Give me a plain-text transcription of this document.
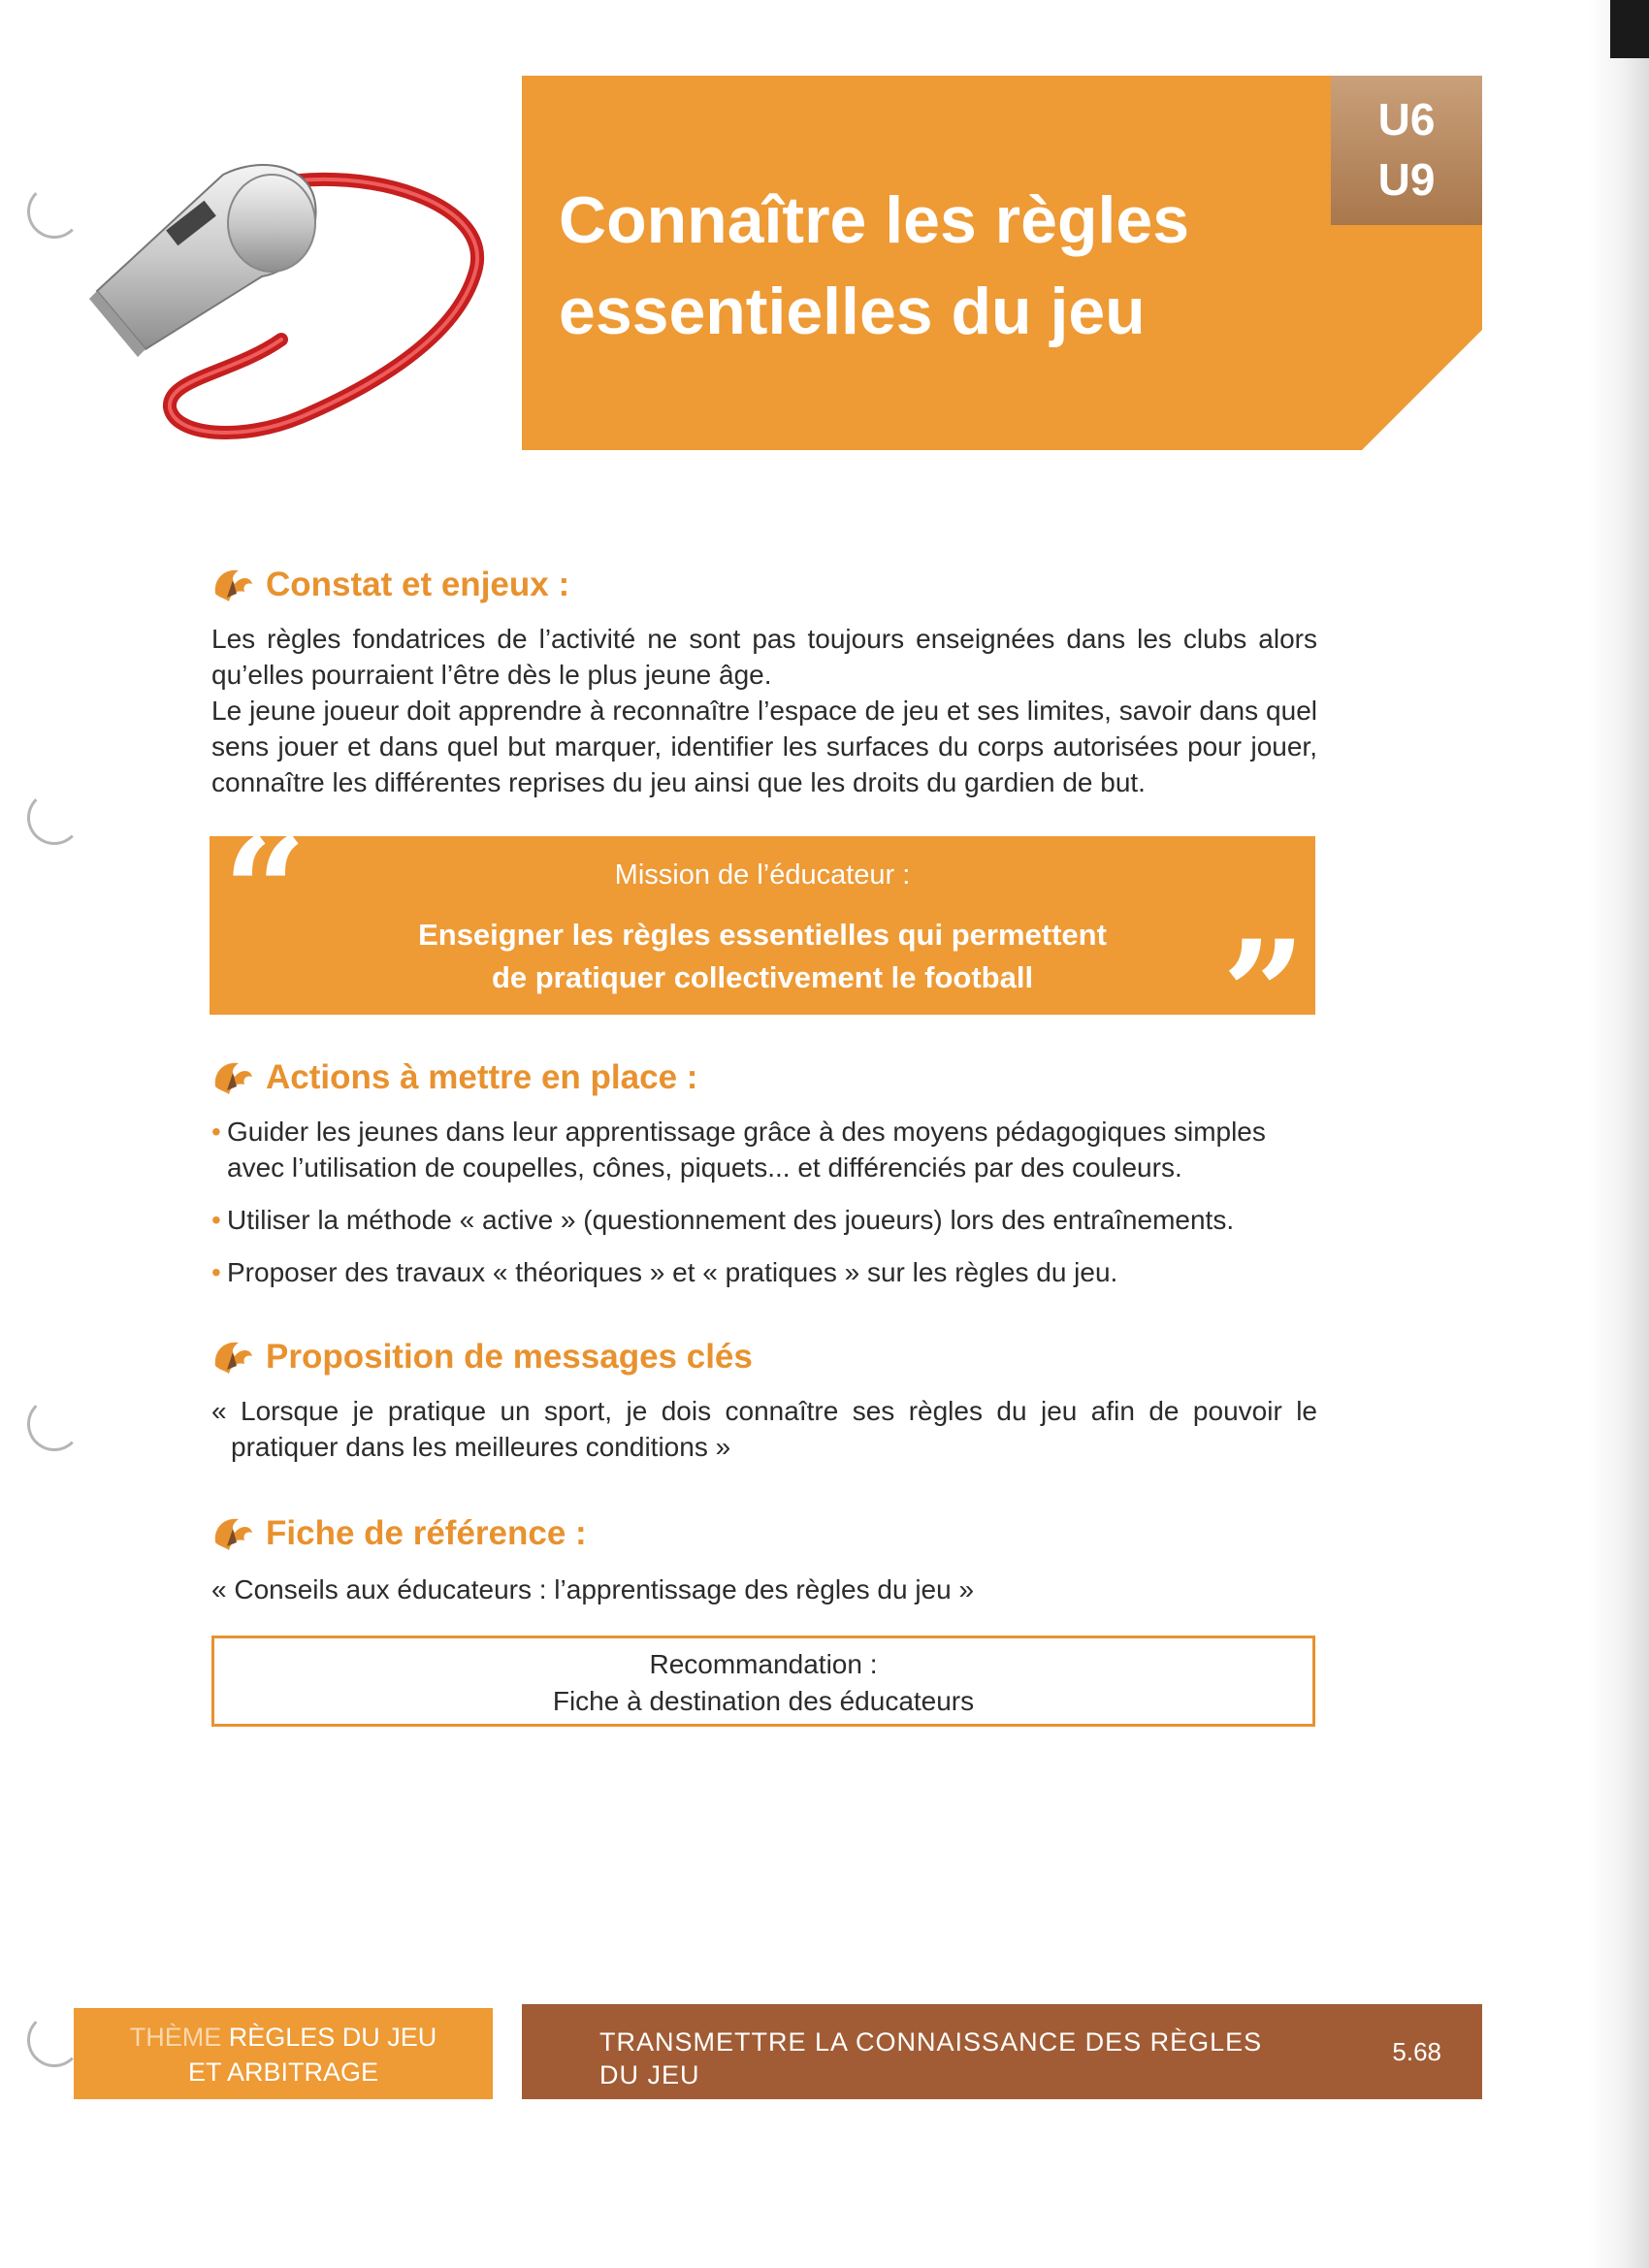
Connaître les règles
essentielles du jeu
U6
U9
Constat et enjeux :

Les règles fondatrices de l’activité ne sont pas toujours enseignées dans les clubs alors qu’elles pourraient l’être dès le plus jeune âge.

Le jeune joueur doit apprendre à reconnaître l’espace de jeu et ses limites, savoir dans quel sens jouer et dans quel but marquer, identifier les surfaces du corps autorisées pour jouer, connaître les différentes reprises du jeu ainsi que les droits du gardien de but.

“	Mission de l’éducateur :
Enseigner les règles essentielles qui permettent
de pratiquer collectivement le football	”
Actions à mettre en place :
• Guider les jeunes dans leur apprentissage grâce à des moyens pédagogiques simples avec l’utilisation de coupelles, cônes, piquets... et différenciés par des couleurs.
• Utiliser la méthode « active » (questionnement des joueurs) lors des entraînements.
• Proposer des travaux « théoriques » et « pratiques » sur les règles du jeu.
Proposition de messages clés

« Lorsque je pratique un sport, je dois connaître ses règles du jeu afin de pouvoir le pratiquer dans les meilleures conditions »

Fiche de référence :
« Conseils aux éducateurs : l’apprentissage des règles du jeu »
Recommandation :
Fiche à destination des éducateurs
THÈME RÈGLES DU JEU
ET ARBITRAGE
TRANSMETTRE LA CONNAISSANCE DES RÈGLES DU JEU
5.68
